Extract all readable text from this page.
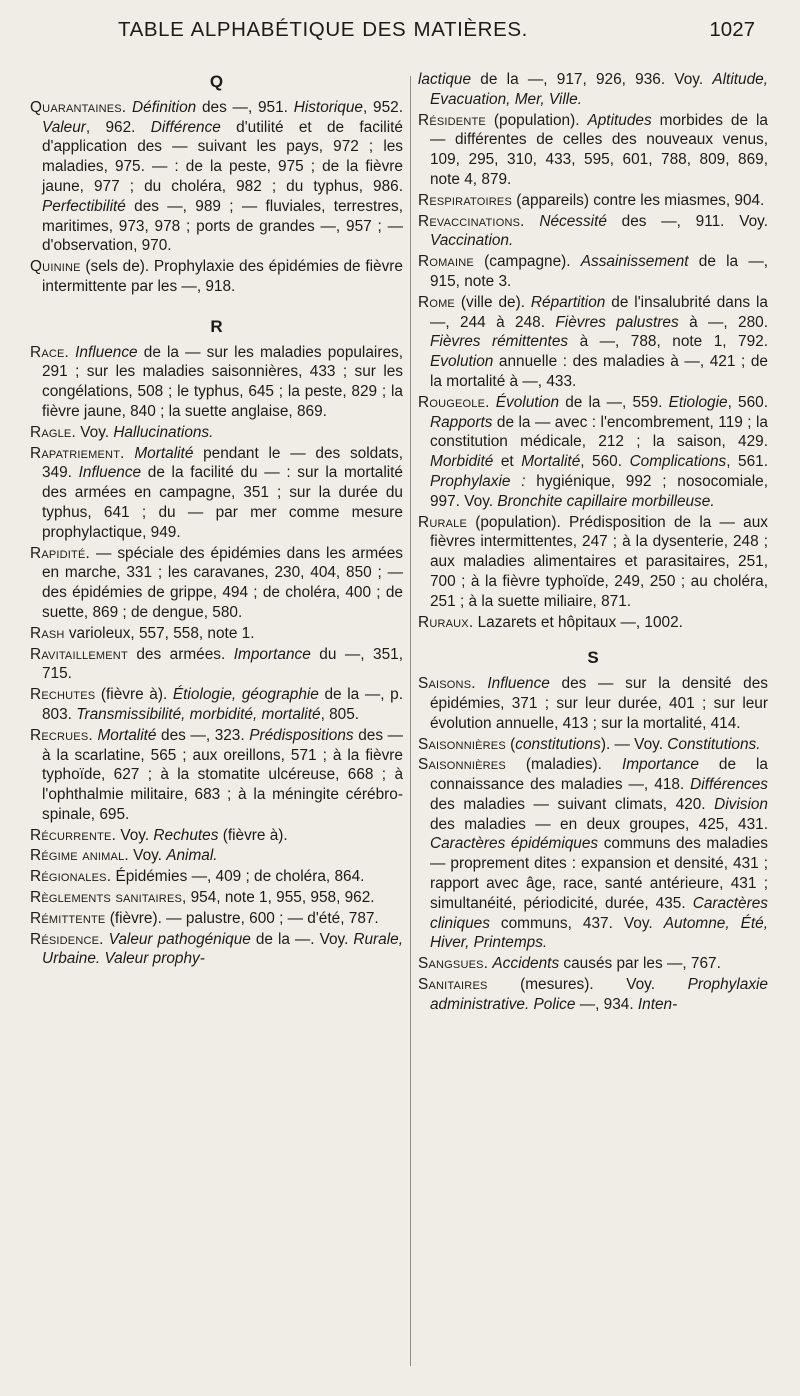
TABLE ALPHABÉTIQUE DES MATIÈRES.	1027
Q
Quarantaines. Définition des —, 951. Historique, 952. Valeur, 962. Différence d'utilité et de facilité d'application des — suivant les pays, 972 ; les maladies, 975. — : de la peste, 975 ; de la fièvre jaune, 977 ; du choléra, 982 ; du typhus, 986. Perfectibilité des —, 989 ; — fluviales, terrestres, maritimes, 973, 978 ; ports de grandes —, 957 ; — d'observation, 970.
Quinine (sels de). Prophylaxie des épidémies de fièvre intermittente par les —, 918.
R
Race. Influence de la — sur les maladies populaires, 291 ; sur les maladies saisonnières, 433 ; sur les congélations, 508 ; le typhus, 645 ; la peste, 829 ; la fièvre jaune, 840 ; la suette anglaise, 869.
Ragle. Voy. Hallucinations.
Rapatriement. Mortalité pendant le — des soldats, 349. Influence de la facilité du — : sur la mortalité des armées en campagne, 351 ; sur la durée du typhus, 641 ; du — par mer comme mesure prophylactique, 949.
Rapidité. — spéciale des épidémies dans les armées en marche, 331 ; les caravanes, 230, 404, 850 ; — des épidémies de grippe, 494 ; de choléra, 400 ; de suette, 869 ; de dengue, 580.
Rash varioleux, 557, 558, note 1.
Ravitaillement des armées. Importance du —, 351, 715.
Rechutes (fièvre à). Étiologie, géographie de la —, p. 803. Transmissibilité, morbidité, mortalité, 805.
Recrues. Mortalité des —, 323. Prédispositions des — à la scarlatine, 565 ; aux oreillons, 571 ; à la fièvre typhoïde, 627 ; à la stomatite ulcéreuse, 668 ; à l'ophthalmie militaire, 683 ; à la méningite cérébro-spinale, 695.
Récurrente. Voy. Rechutes (fièvre à).
Régime animal. Voy. Animal.
Régionales. Épidémies —, 409 ; de choléra, 864.
Règlements sanitaires, 954, note 1, 955, 958, 962.
Rémittente (fièvre). — palustre, 600 ; — d'été, 787.
Résidence. Valeur pathogénique de la —. Voy. Rurale, Urbaine. Valeur prophy-
lactique de la —, 917, 926, 936. Voy. Altitude, Evacuation, Mer, Ville.
Résidente (population). Aptitudes morbides de la — différentes de celles des nouveaux venus, 109, 295, 310, 433, 595, 601, 788, 809, 869, note 4, 879.
Respiratoires (appareils) contre les miasmes, 904.
Revaccinations. Nécessité des —, 911. Voy. Vaccination.
Romaine (campagne). Assainissement de la —, 915, note 3.
Rome (ville de). Répartition de l'insalubrité dans la —, 244 à 248. Fièvres palustres à —, 280. Fièvres rémittentes à —, 788, note 1, 792. Evolution annuelle : des maladies à —, 421 ; de la mortalité à —, 433.
Rougeole. Évolution de la —, 559. Etiologie, 560. Rapports de la — avec : l'encombrement, 119 ; la constitution médicale, 212 ; la saison, 429. Morbidité et Mortalité, 560. Complications, 561. Prophylaxie : hygiénique, 992 ; nosocomiale, 997. Voy. Bronchite capillaire morbilleuse.
Rurale (population). Prédisposition de la — aux fièvres intermittentes, 247 ; à la dysenterie, 248 ; aux maladies alimentaires et parasitaires, 251, 700 ; à la fièvre typhoïde, 249, 250 ; au choléra, 251 ; à la suette miliaire, 871.
Ruraux. Lazarets et hôpitaux —, 1002.
S
Saisons. Influence des — sur la densité des épidémies, 371 ; sur leur durée, 401 ; sur leur évolution annuelle, 413 ; sur la mortalité, 414.
Saisonnières (constitutions). — Voy. Constitutions.
Saisonnières (maladies). Importance de la connaissance des maladies —, 418. Différences des maladies — suivant climats, 420. Division des maladies — en deux groupes, 425, 431. Caractères épidémiques communs des maladies — proprement dites : expansion et densité, 431 ; rapport avec âge, race, santé antérieure, 431 ; simultanéité, périodicité, durée, 435. Caractères cliniques communs, 437. Voy. Automne, Été, Hiver, Printemps.
Sangsues. Accidents causés par les —, 767.
Sanitaires (mesures). Voy. Prophylaxie administrative. Police —, 934. Inten-
